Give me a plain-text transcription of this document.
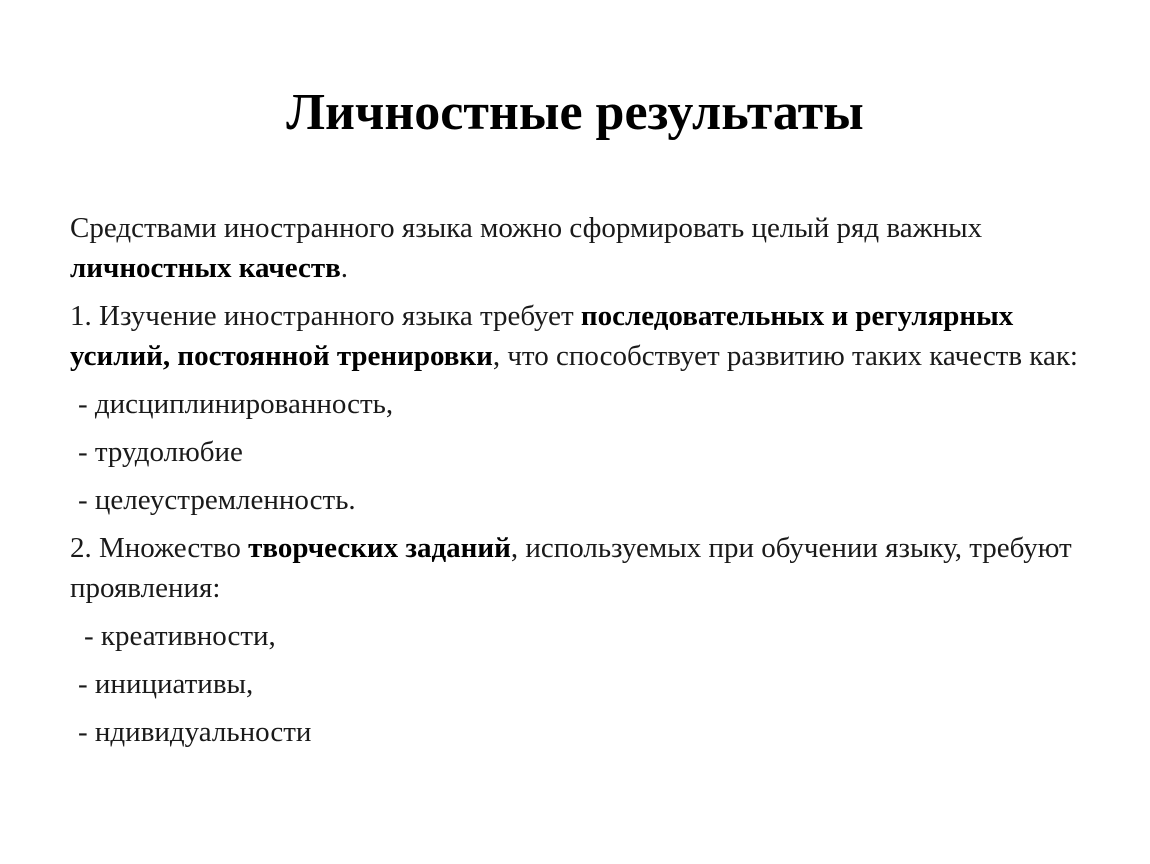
Личностные результаты

Средствами иностранного языка можно сформировать целый ряд важных личностных качеств.

1. Изучение иностранного языка требует последовательных и регулярных усилий, постоянной тренировки, что способствует развитию таких качеств как:

- дисциплинированность,

- трудолюбие

- целеустремленность.

2. Множество творческих заданий, используемых при обучении языку, требуют проявления:

- креативности,

- инициативы,

- ндивидуальности
